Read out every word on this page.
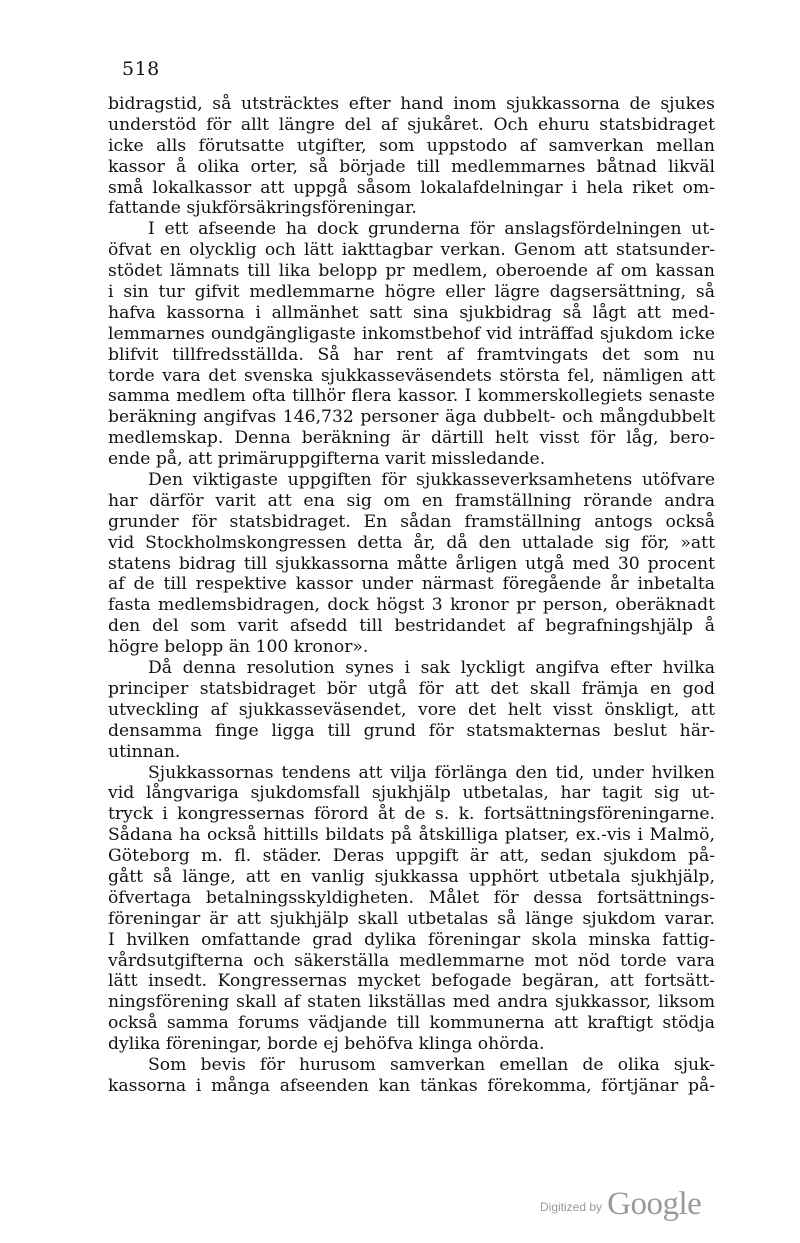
518
bidragstid, så utsträcktes efter hand inom sjukkassorna de sjukes
understöd för allt längre del af sjukåret. Och ehuru statsbidraget
icke alls förutsatte utgifter, som uppstodo af samverkan mellan
kassor å olika orter, så började till medlemmarnes båtnad likväl
små lokalkassor att uppgå såsom lokalafdelningar i hela riket om-
fattande sjukförsäkringsföreningar.
I ett afseende ha dock grunderna för anslagsfördelningen ut-
öfvat en olycklig och lätt iakttagbar verkan. Genom att statsunder-
stödet lämnats till lika belopp pr medlem, oberoende af om kassan
i sin tur gifvit medlemmarne högre eller lägre dagsersättning, så
hafva kassorna i allmänhet satt sina sjukbidrag så lågt att med-
lemmarnes oundgängligaste inkomstbehof vid inträffad sjukdom icke
blifvit tillfredsställda. Så har rent af framtvingats det som nu
torde vara det svenska sjukkasseväsendets största fel, nämligen att
samma medlem ofta tillhör flera kassor. I kommerskollegiets senaste
beräkning angifvas 146,732 personer äga dubbelt- och mångdubbelt
medlemskap. Denna beräkning är därtill helt visst för låg, bero-
ende på, att primäruppgifterna varit missledande.
Den viktigaste uppgiften för sjukkasseverksamhetens utöfvare
har därför varit att ena sig om en framställning rörande andra
grunder för statsbidraget. En sådan framställning antogs också
vid Stockholmskongressen detta år, då den uttalade sig för, »att
statens bidrag till sjukkassorna måtte årligen utgå med 30 procent
af de till respektive kassor under närmast föregående år inbetalta
fasta medlemsbidragen, dock högst 3 kronor pr person, oberäknadt
den del som varit afsedd till bestridandet af begrafningshjälp å
högre belopp än 100 kronor».
Då denna resolution synes i sak lyckligt angifva efter hvilka
principer statsbidraget bör utgå för att det skall främja en god
utveckling af sjukkasseväsendet, vore det helt visst önskligt, att
densamma finge ligga till grund för statsmakternas beslut här-
utinnan.
Sjukkassornas tendens att vilja förlänga den tid, under hvilken
vid långvariga sjukdomsfall sjukhjälp utbetalas, har tagit sig ut-
tryck i kongressernas förord åt de s. k. fortsättningsföreningarne.
Sådana ha också hittills bildats på åtskilliga platser, ex.-vis i Malmö,
Göteborg m. fl. städer. Deras uppgift är att, sedan sjukdom på-
gått så länge, att en vanlig sjukkassa upphört utbetala sjukhjälp,
öfvertaga betalningsskyldigheten. Målet för dessa fortsättnings-
föreningar är att sjukhjälp skall utbetalas så länge sjukdom varar.
I hvilken omfattande grad dylika föreningar skola minska fattig-
vårdsutgifterna och säkerställa medlemmarne mot nöd torde vara
lätt insedt. Kongressernas mycket befogade begäran, att fortsätt-
ningsförening skall af staten likställas med andra sjukkassor, liksom
också samma forums vädjande till kommunerna att kraftigt stödja
dylika föreningar, borde ej behöfva klinga ohörda.
Som bevis för hurusom samverkan emellan de olika sjuk-
kassorna i många afseenden kan tänkas förekomma, förtjänar på-
Digitized by Google
